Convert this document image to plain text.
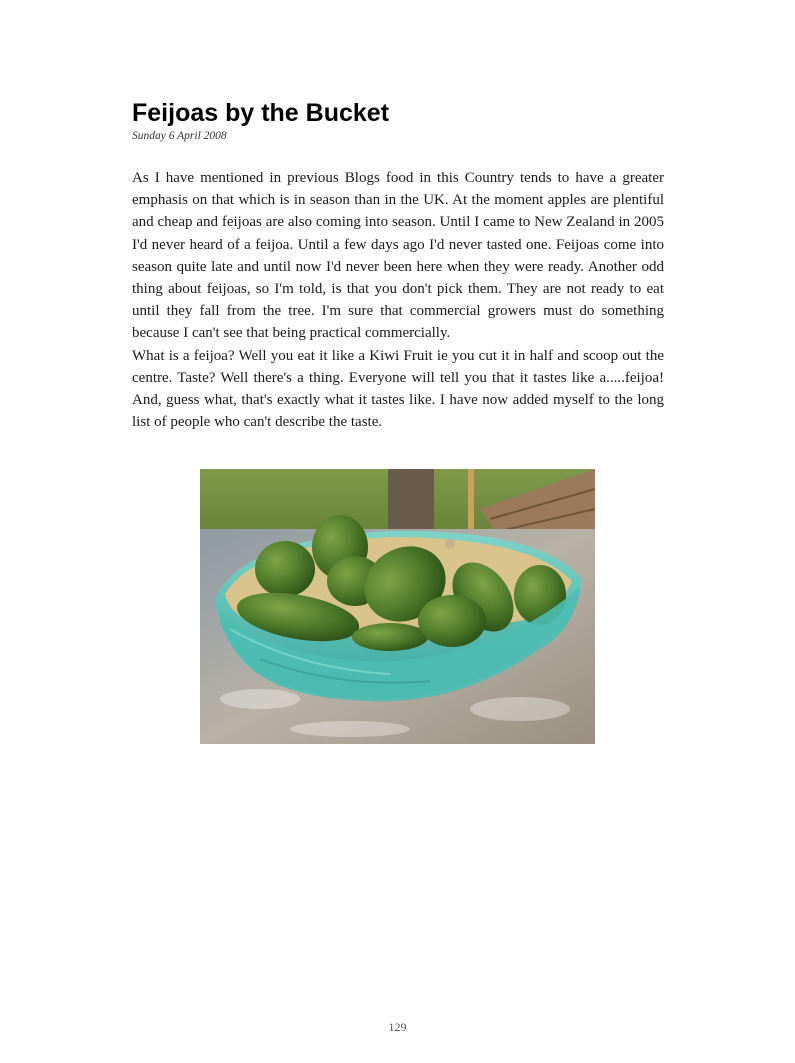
Feijoas by the Bucket
Sunday 6 April 2008

As I have mentioned in previous Blogs food in this Country tends to have a greater emphasis on that which is in season than in the UK. At the moment apples are plentiful and cheap and feijoas are also coming into season. Until I came to New Zealand in 2005 I'd never heard of a feijoa. Until a few days ago I'd never tasted one. Feijoas come into season quite late and until now I'd never been here when they were ready. Another odd thing about feijoas, so I'm told, is that you don't pick them. They are not ready to eat until they fall from the tree. I'm sure that commercial growers must do something because I can't see that being practical commercially.

What is a feijoa? Well you eat it like a Kiwi Fruit ie you cut it in half and scoop out the centre. Taste? Well there's a thing. Everyone will tell you that it tastes like a.....feijoa! And, guess what, that's exactly what it tastes like. I have now added myself to the long list of people who can't describe the taste.

129
